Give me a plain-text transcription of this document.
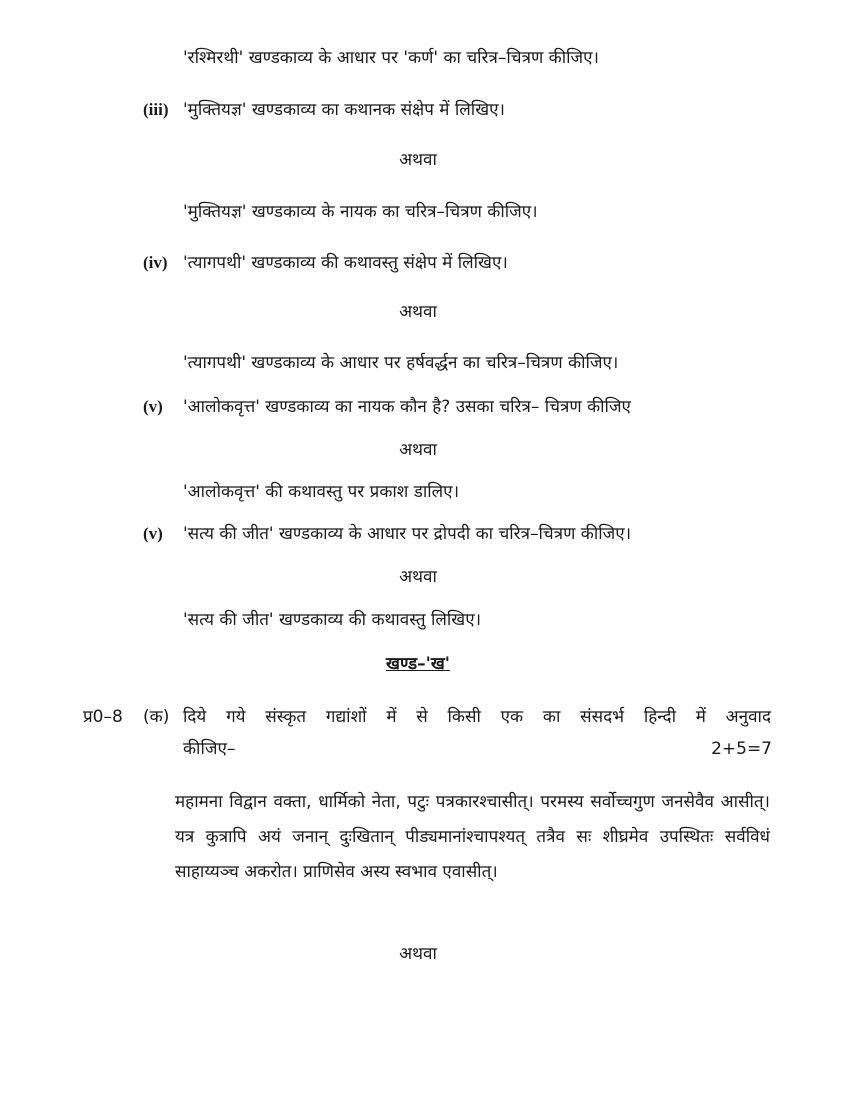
'रश्मिरथी' खण्डकाव्य के आधार पर 'कर्ण' का चरित्र–चित्रण कीजिए।
(iii) 'मुक्तियज्ञ' खण्डकाव्य का कथानक संक्षेप में लिखिए।
अथवा
'मुक्तियज्ञ' खण्डकाव्य के नायक का चरित्र–चित्रण कीजिए।
(iv) 'त्यागपथी' खण्डकाव्य की कथावस्तु संक्षेप में लिखिए।
अथवा
'त्यागपथी' खण्डकाव्य के आधार पर हर्षवर्द्धन का चरित्र–चित्रण कीजिए।
(v) 'आलोकवृत्त' खण्डकाव्य का नायक कौन है? उसका चरित्र– चित्रण कीजिए
अथवा
'आलोकवृत्त' की कथावस्तु पर प्रकाश डालिए।
(v) 'सत्य की जीत' खण्डकाव्य के आधार पर द्रोपदी का चरित्र–चित्रण कीजिए।
अथवा
'सत्य की जीत' खण्डकाव्य की कथावस्तु लिखिए।
खण्ड–'ख'
प्र0–8 (क) दिये गये संस्कृत गद्यांशों में से किसी एक का संसदर्भ हिन्दी में अनुवाद
कीजिए–	2+5=7
महामना विद्वान वक्ता, धार्मिको नेता, पटुः पत्रकारश्चासीत्। परमस्य सर्वोच्चगुण जनसेवैव आसीत्। यत्र कुत्रापि अयं जनान् दुःखितान् पीड्यमानांश्चापश्यत् तत्रैव सः शीघ्रमेव उपस्थितः सर्वविधं साहाय्यञ्च अकरोत। प्राणिसेव अस्य स्वभाव एवासीत्।
अथवा
